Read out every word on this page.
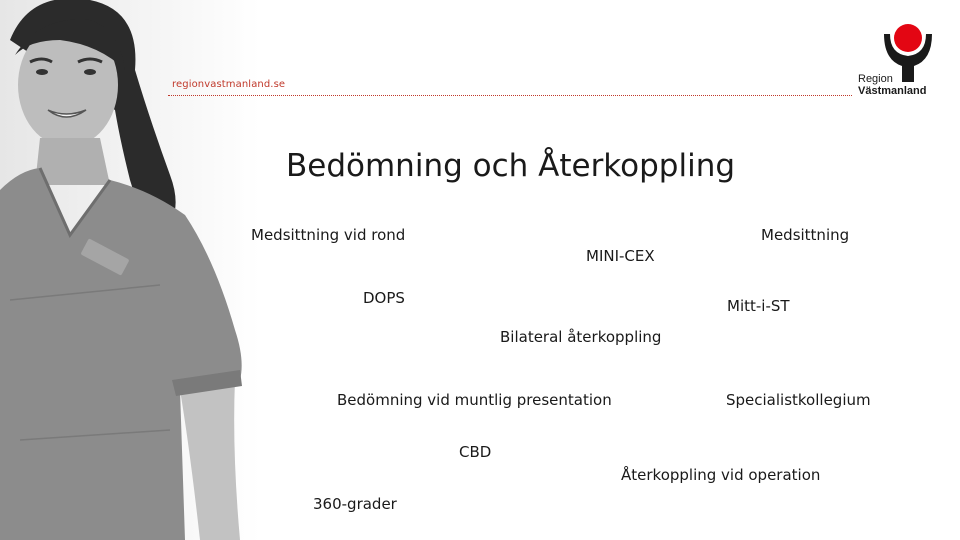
regionvastmanland.se	Region
Västmanland
Bedömning och Återkoppling
Medsittning vid rond
MINI-CEX
Medsittning
DOPS	Mitt-i-ST
Bilateral återkoppling
Bedömning vid muntlig presentation	Specialistkollegium
CBD
Återkoppling vid operation
360-grader
